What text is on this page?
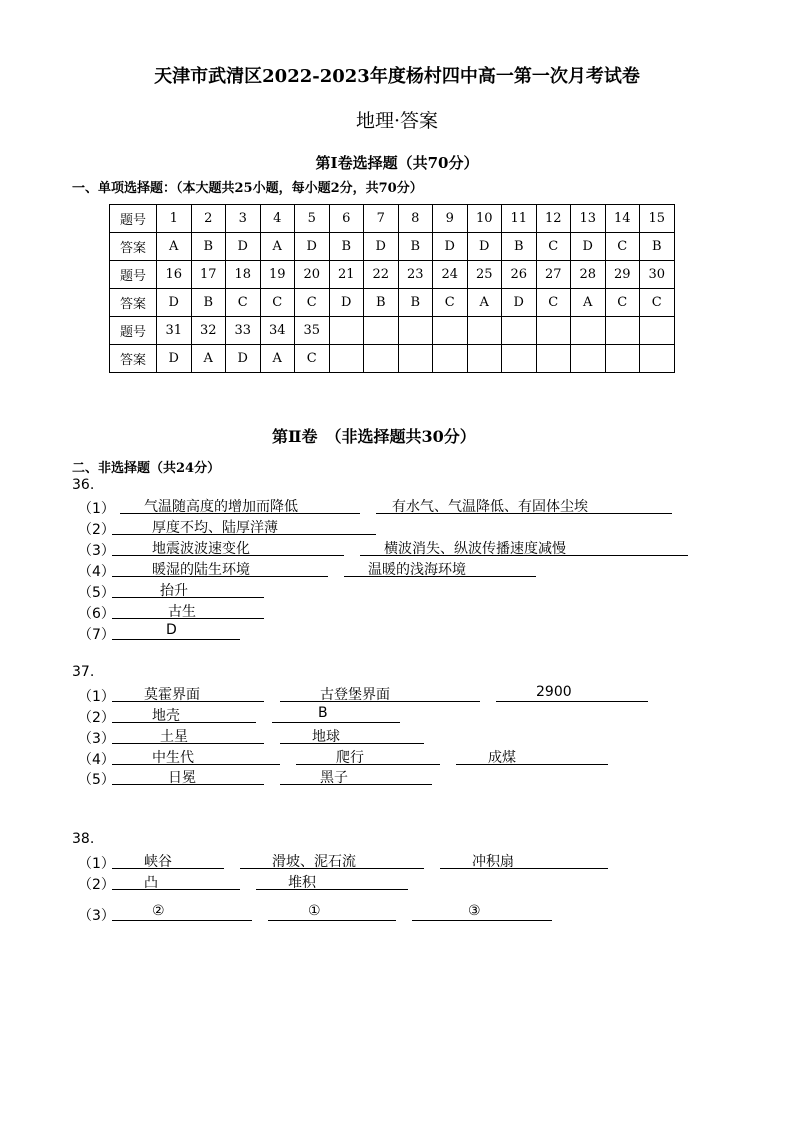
天津市武清区2022-2023年度杨村四中高一第一次月考试卷
地理·答案
第Ⅰ卷选择题（共70分）
一、单项选择题：（本大题共25小题，每小题2分，共70分）
题号	1	2	3	4	5	6	7	8	9	10	11	12	13	14	15
答案	A	B	D	A	D	B	D	B	D	D	B	C	D	C	B
题号	16	17	18	19	20	21	22	23	24	25	26	27	28	29	30
答案	D	B	C	C	C	D	B	B	C	A	D	C	A	C	C
题号	31	32	33	34	35										
答案	D	A	D	A	C										
第Ⅱ卷　（非选择题共30分）
二、非选择题（共24分）
36.
（1）	气温随高度的增加而降低	有水气、气温降低、有固体尘埃
（2）	厚度不均、陆厚洋薄
（3）	地震波波速变化	横波消失、纵波传播速度减慢
（4）	暖湿的陆生环境	温暖的浅海环境
（5）	抬升
（6）	古生
（7）	D
37.
（1）	莫霍界面	古登堡界面	2900
（2）	地壳	B
（3）	土星	地球
（4）	中生代	爬行	成煤
（5）	日冕	黑子
38.
（1）	峡谷	滑坡、泥石流	冲积扇
（2）	凸	堆积
（3）	②	①	③
